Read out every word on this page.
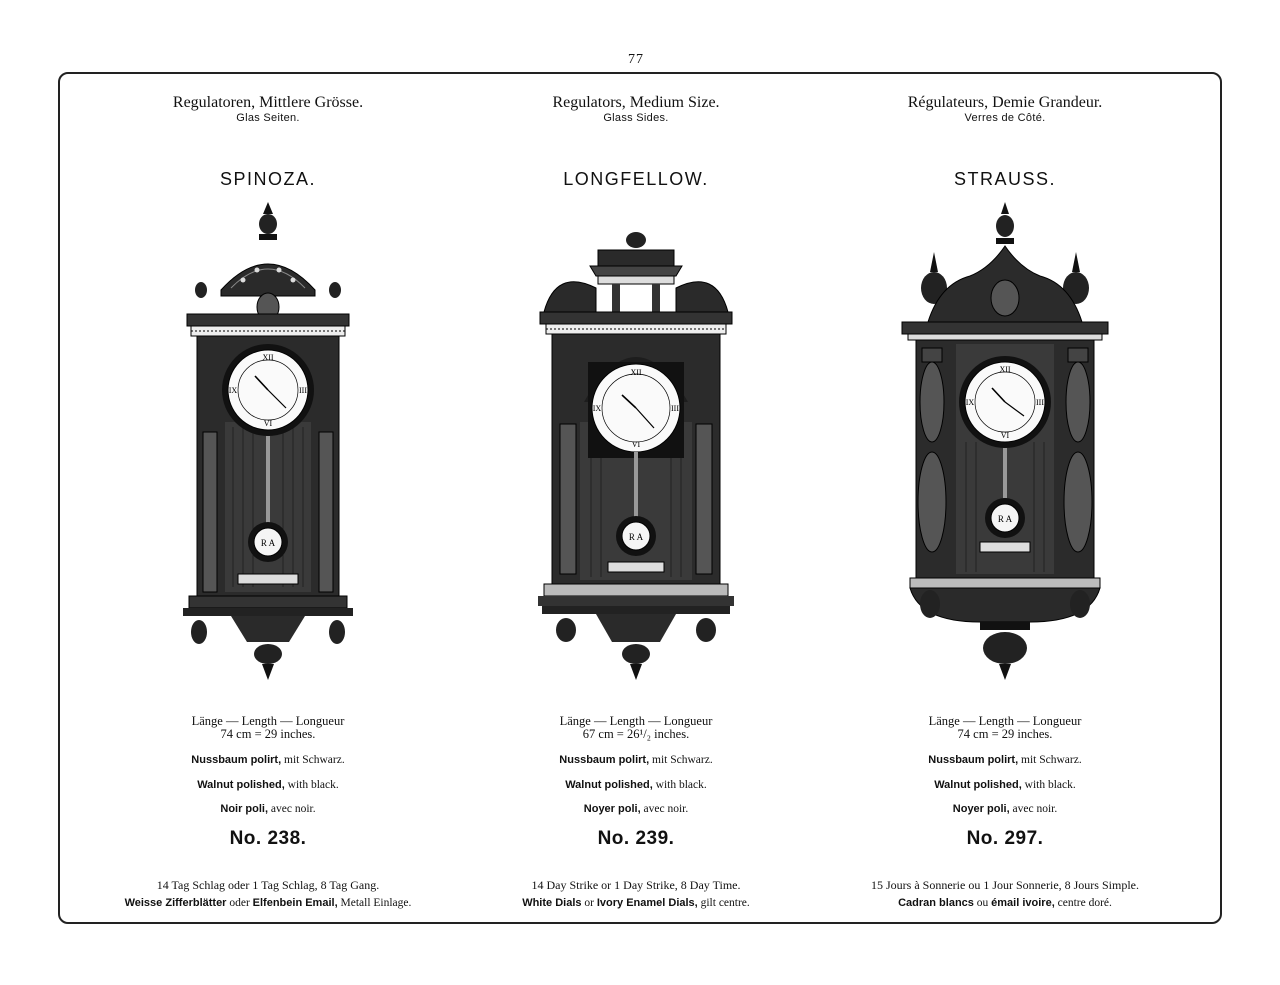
77
Regulatoren, Mittlere Grösse.
Glas Seiten.
SPINOZA.
XII
III
VI
IX
R A
Länge — Length — Longueur
74 cm = 29 inches.
Nussbaum polirt, mit Schwarz.
Walnut polished, with black.
Noir poli, avec noir.
No. 238.
14 Tag Schlag oder 1 Tag Schlag, 8 Tag Gang.
Weisse Zifferblätter oder Elfenbein Email, Metall Einlage.
Regulators, Medium Size.
Glass Sides.
LONGFELLOW.
XII
III
VI
IX
R A
Länge — Length — Longueur
67 cm = 26¹/₂ inches.
Nussbaum polirt, mit Schwarz.
Walnut polished, with black.
Noyer poli, avec noir.
No. 239.
14 Day Strike or 1 Day Strike, 8 Day Time.
White Dials or Ivory Enamel Dials, gilt centre.
Régulateurs, Demie Grandeur.
Verres de Côté.
STRAUSS.
XII
III
VI
IX
R A
Länge — Length — Longueur
74 cm = 29 inches.
Nussbaum polirt, mit Schwarz.
Walnut polished, with black.
Noyer poli, avec noir.
No. 297.
15 Jours à Sonnerie ou 1 Jour Sonnerie, 8 Jours Simple.
Cadran blancs ou émail ivoire, centre doré.
